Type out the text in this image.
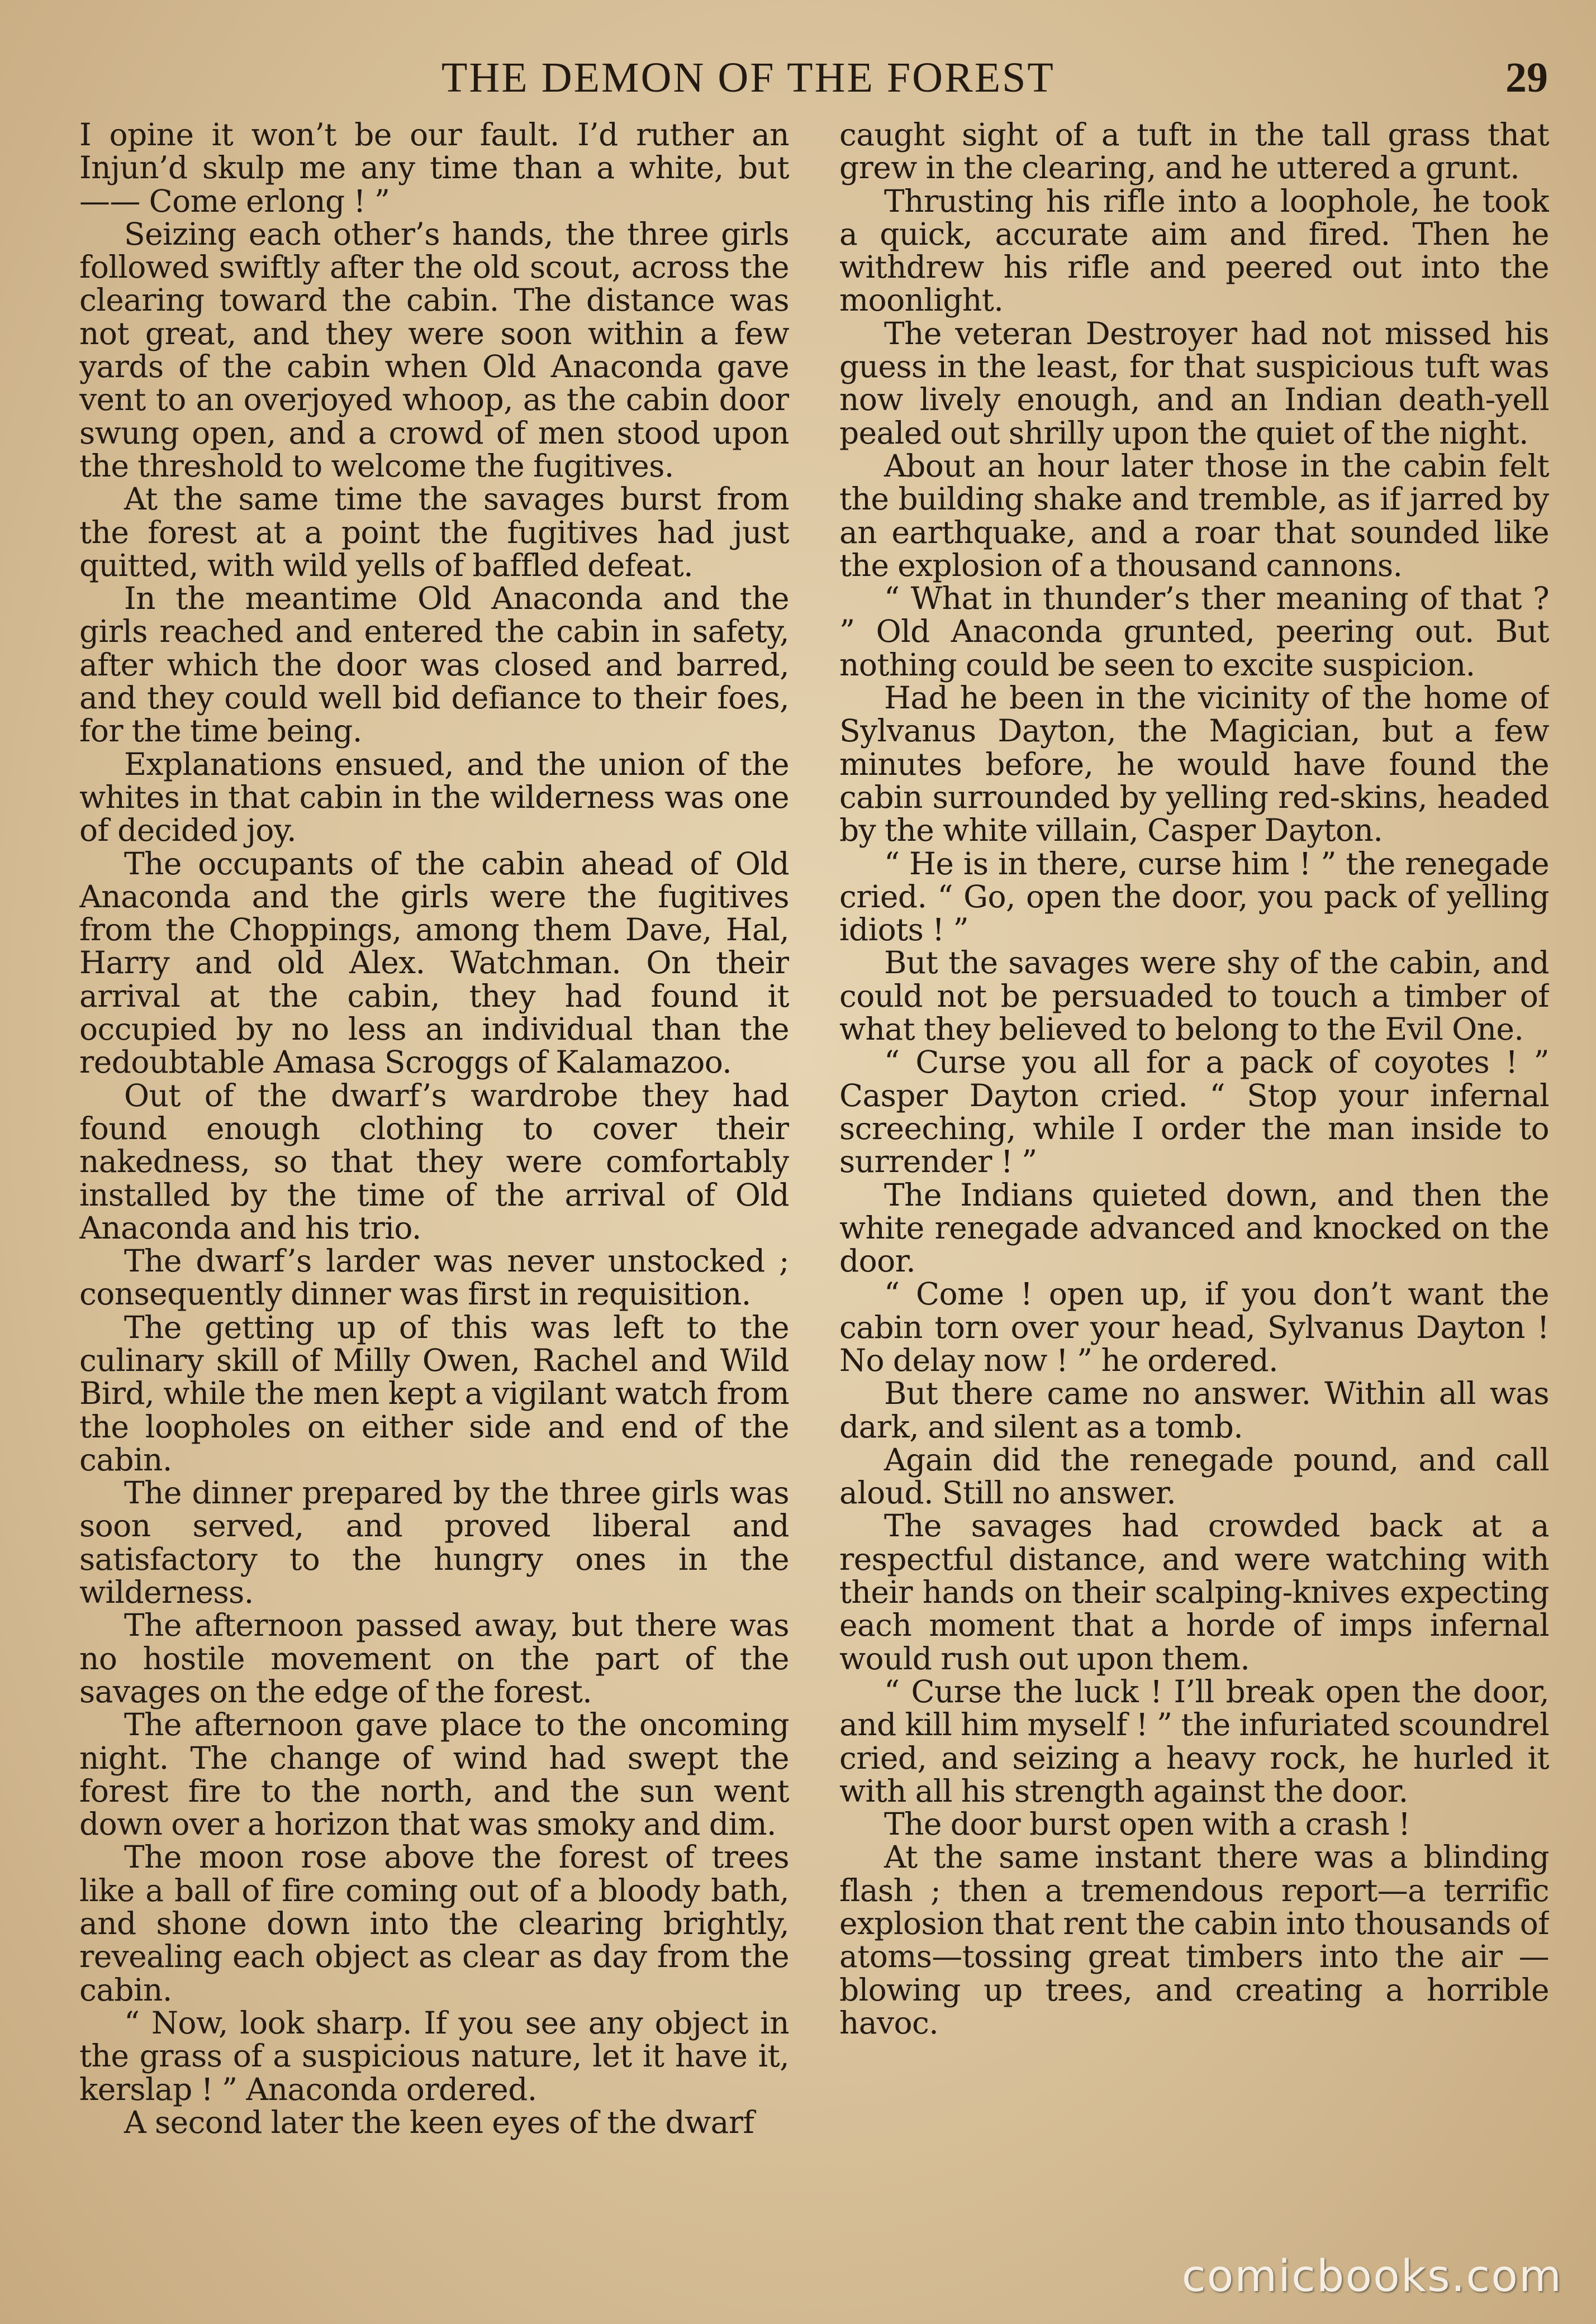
THE DEMON OF THE FOREST	29

I opine it won’t be our fault. I’d ruther an Injun’d skulp me any time than a white, but—— Come erlong ! ”

Seizing each other’s hands, the three girls followed swiftly after the old scout, across the clearing toward the cabin. The distance was not great, and they were soon within a few yards of the cabin when Old Anaconda gave vent to an overjoyed whoop, as the cabin door swung open, and a crowd of men stood upon the threshold to welcome the fugitives.

At the same time the savages burst from the forest at a point the fugitives had just quitted, with wild yells of baffled defeat.

In the meantime Old Anaconda and the girls reached and entered the cabin in safety, after which the door was closed and barred, and they could well bid defiance to their foes, for the time being.

Explanations ensued, and the union of the whites in that cabin in the wilderness was one of decided joy.

The occupants of the cabin ahead of Old Anaconda and the girls were the fugitives from the Choppings, among them Dave, Hal, Harry and old Alex. Watchman. On their arrival at the cabin, they had found it occupied by no less an individual than the redoubtable Amasa Scroggs of Kalamazoo.

Out of the dwarf’s wardrobe they had found enough clothing to cover their nakedness, so that they were comfortably installed by the time of the arrival of Old Anaconda and his trio.

The dwarf’s larder was never unstocked ; consequently dinner was first in requisition.

The getting up of this was left to the culinary skill of Milly Owen, Rachel and Wild Bird, while the men kept a vigilant watch from the loopholes on either side and end of the cabin.

The dinner prepared by the three girls was soon served, and proved liberal and satisfactory to the hungry ones in the wilderness.

The afternoon passed away, but there was no hostile movement on the part of the savages on the edge of the forest.

The afternoon gave place to the oncoming night. The change of wind had swept the forest fire to the north, and the sun went down over a horizon that was smoky and dim.

The moon rose above the forest of trees like a ball of fire coming out of a bloody bath, and shone down into the clearing brightly, revealing each object as clear as day from the cabin.

“ Now, look sharp. If you see any object in the grass of a suspicious nature, let it have it, kerslap ! ” Anaconda ordered.

A second later the keen eyes of the dwarf

caught sight of a tuft in the tall grass that grew in the clearing, and he uttered a grunt.

Thrusting his rifle into a loophole, he took a quick, accurate aim and fired. Then he withdrew his rifle and peered out into the moonlight.

The veteran Destroyer had not missed his guess in the least, for that suspicious tuft was now lively enough, and an Indian death-yell pealed out shrilly upon the quiet of the night.

About an hour later those in the cabin felt the building shake and tremble, as if jarred by an earthquake, and a roar that sounded like the explosion of a thousand cannons.

“ What in thunder’s ther meaning of that ? ” Old Anaconda grunted, peering out. But nothing could be seen to excite suspicion.

Had he been in the vicinity of the home of Sylvanus Dayton, the Magician, but a few minutes before, he would have found the cabin surrounded by yelling red-skins, headed by the white villain, Casper Dayton.

“ He is in there, curse him ! ” the renegade cried. “ Go, open the door, you pack of yelling idiots ! ”

But the savages were shy of the cabin, and could not be persuaded to touch a timber of what they believed to belong to the Evil One.

“ Curse you all for a pack of coyotes ! ” Casper Dayton cried. “ Stop your infernal screeching, while I order the man inside to surrender ! ”

The Indians quieted down, and then the white renegade advanced and knocked on the door.

“ Come ! open up, if you don’t want the cabin torn over your head, Sylvanus Dayton ! No delay now ! ” he ordered.

But there came no answer. Within all was dark, and silent as a tomb.

Again did the renegade pound, and call aloud. Still no answer.

The savages had crowded back at a respectful distance, and were watching with their hands on their scalping-knives expecting each moment that a horde of imps infernal would rush out upon them.

“ Curse the luck ! I’ll break open the door, and kill him myself ! ” the infuriated scoundrel cried, and seizing a heavy rock, he hurled it with all his strength against the door.

The door burst open with a crash !

At the same instant there was a blinding flash ; then a tremendous report—a terrific explosion that rent the cabin into thousands of atoms—tossing great timbers into the air —blowing up trees, and creating a horrible havoc.

comicbooks.com
